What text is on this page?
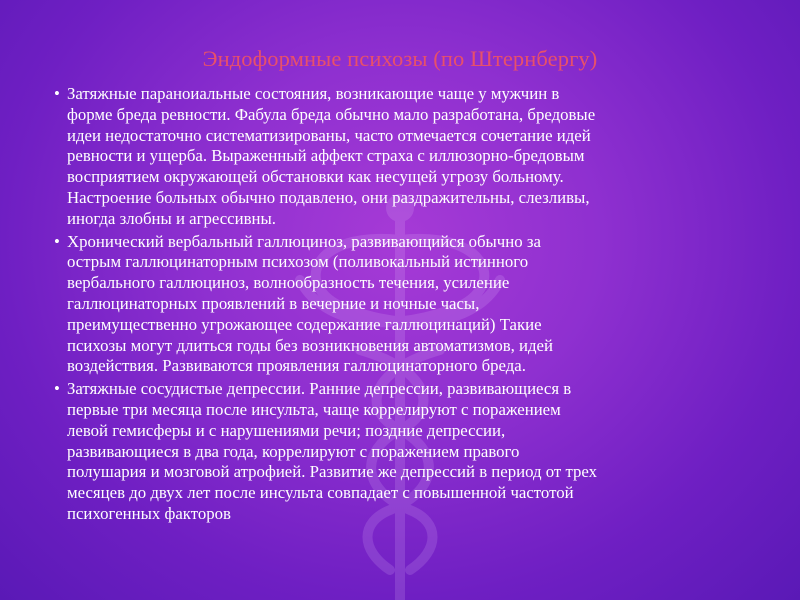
Эндоформные психозы (по Штернбергу)
• Затяжные параноиальные состояния, возникающие чаще у мужчин в
форме бреда ревности. Фабула бреда обычно мало разработана, бредовые
идеи недостаточно систематизированы, часто отмечается сочетание идей
ревности и ущерба. Выраженный аффект страха с иллюзорно-бредовым
восприятием окружающей обстановки как несущей угрозу больному.
Настроение больных обычно подавлено, они раздражительны, слезливы,
иногда злобны и агрессивны.
• Хронический вербальный галлюциноз, развивающийся обычно за
острым галлюцинаторным психозом (поливокальный истинного
вербального галлюциноз, волнообразность течения, усиление
галлюцинаторных проявлений в вечерние и ночные часы,
преимущественно угрожающее содержание галлюцинаций) Такие
психозы могут длиться годы без возникновения автоматизмов, идей
воздействия. Развиваются проявления галлюцинаторного бреда.
• Затяжные сосудистые депрессии. Ранние депрессии, развивающиеся в
первые три месяца после инсульта, чаще коррелируют с поражением
левой гемисферы и с нарушениями речи; поздние депрессии,
развивающиеся в два года, коррелируют с поражением правого
полушария и мозговой атрофией. Развитие же депрессий в период от трех
месяцев до двух лет после инсульта совпадает с повышенной частотой
психогенных факторов
